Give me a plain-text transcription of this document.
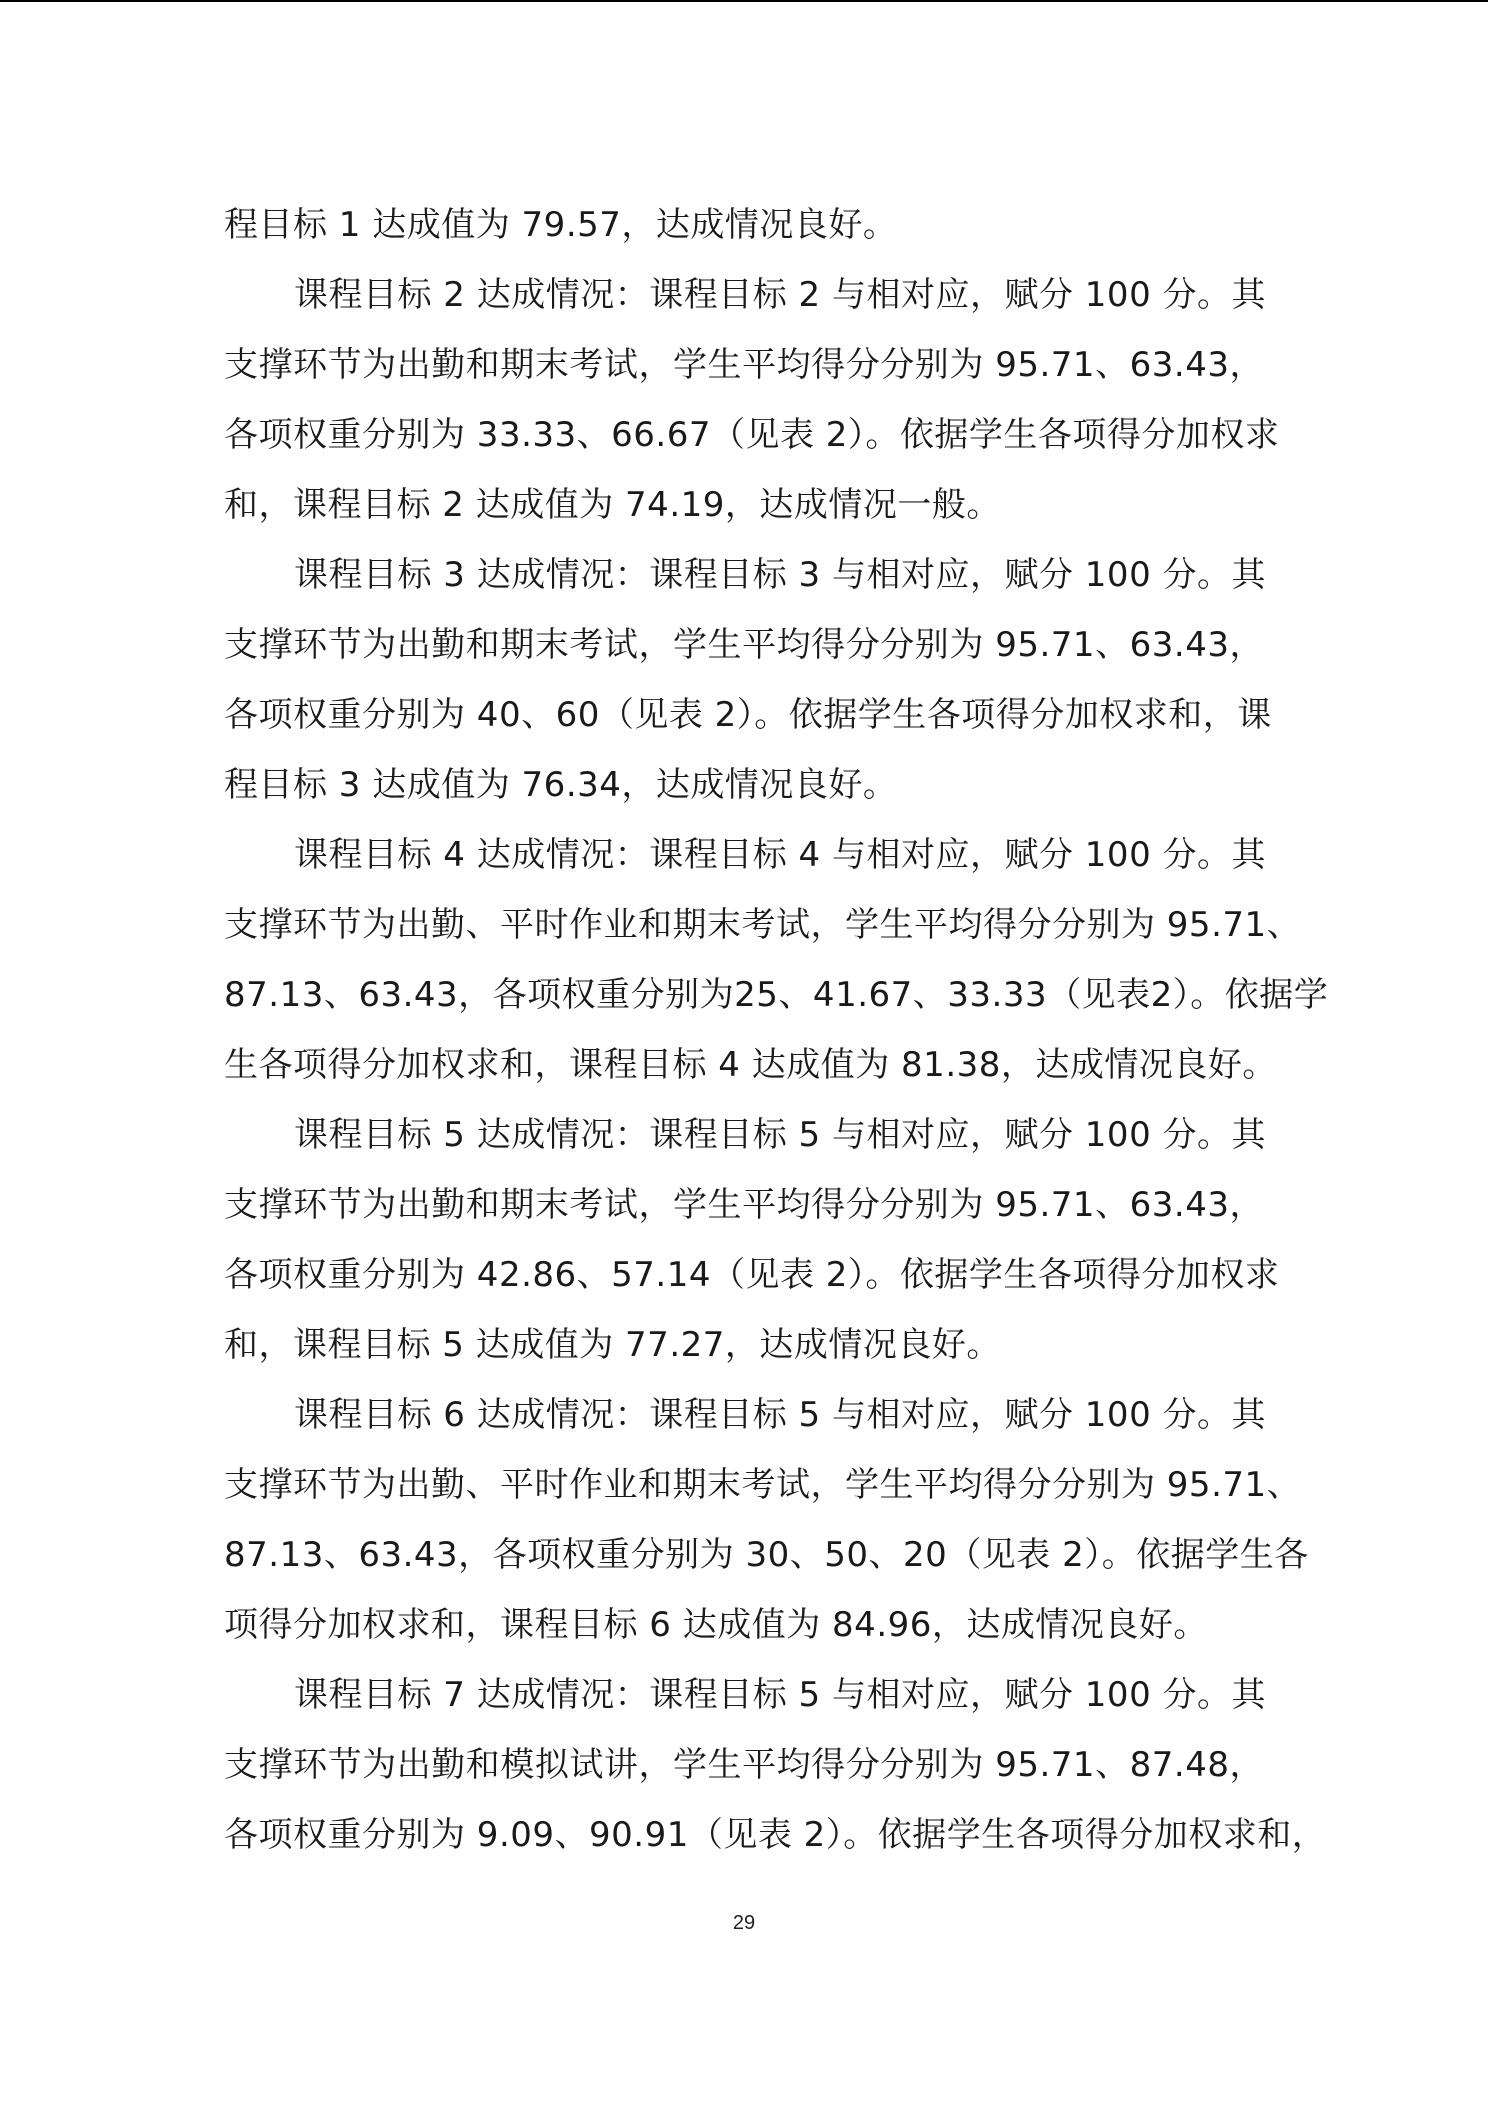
程目标 1 达成值为 79.57，达成情况良好。
课程目标 2 达成情况：课程目标 2 与相对应，赋分 100 分。其
支撑环节为出勤和期末考试，学生平均得分分别为 95.71、63.43，
各项权重分别为 33.33、66.67（见表 2）。依据学生各项得分加权求
和，课程目标 2 达成值为 74.19，达成情况一般。
课程目标 3 达成情况：课程目标 3 与相对应，赋分 100 分。其
支撑环节为出勤和期末考试，学生平均得分分别为 95.71、63.43，
各项权重分别为 40、60（见表 2）。依据学生各项得分加权求和，课
程目标 3 达成值为 76.34，达成情况良好。
课程目标 4 达成情况：课程目标 4 与相对应，赋分 100 分。其
支撑环节为出勤、平时作业和期末考试，学生平均得分分别为 95.71、
87.13、63.43，各项权重分别为25、41.67、33.33（见表2）。依据学
生各项得分加权求和，课程目标 4 达成值为 81.38，达成情况良好。
课程目标 5 达成情况：课程目标 5 与相对应，赋分 100 分。其
支撑环节为出勤和期末考试，学生平均得分分别为 95.71、63.43，
各项权重分别为 42.86、57.14（见表 2）。依据学生各项得分加权求
和，课程目标 5 达成值为 77.27，达成情况良好。
课程目标 6 达成情况：课程目标 5 与相对应，赋分 100 分。其
支撑环节为出勤、平时作业和期末考试，学生平均得分分别为 95.71、
87.13、63.43，各项权重分别为 30、50、20（见表 2）。依据学生各
项得分加权求和，课程目标 6 达成值为 84.96，达成情况良好。
课程目标 7 达成情况：课程目标 5 与相对应，赋分 100 分。其
支撑环节为出勤和模拟试讲，学生平均得分分别为 95.71、87.48，
各项权重分别为 9.09、90.91（见表 2）。依据学生各项得分加权求和，
29
